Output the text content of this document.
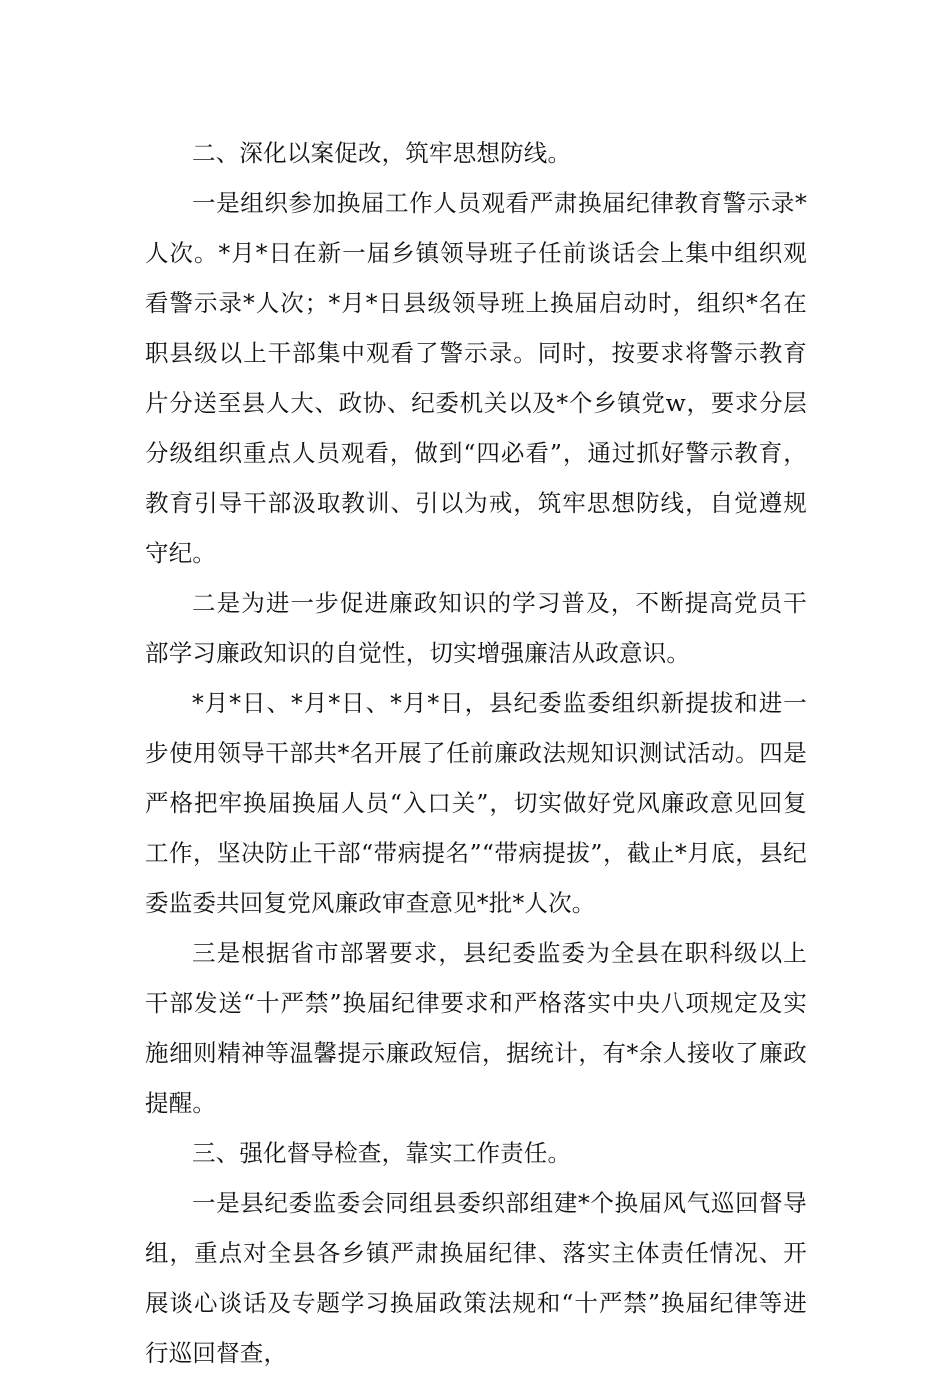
二、深化以案促改，筑牢思想防线。

一是组织参加换届工作人员观看严肃换届纪律教育警示录*人次。*月*日在新一届乡镇领导班子任前谈话会上集中组织观看警示录*人次；*月*日县级领导班上换届启动时，组织*名在职县级以上干部集中观看了警示录。同时，按要求将警示教育片分送至县人大、政协、纪委机关以及*个乡镇党w，要求分层分级组织重点人员观看，做到“四必看”，通过抓好警示教育，教育引导干部汲取教训、引以为戒，筑牢思想防线，自觉遵规守纪。

二是为进一步促进廉政知识的学习普及，不断提高党员干部学习廉政知识的自觉性，切实增强廉洁从政意识。

*月*日、*月*日、*月*日，县纪委监委组织新提拔和进一步使用领导干部共*名开展了任前廉政法规知识测试活动。四是严格把牢换届换届人员“入口关”，切实做好党风廉政意见回复工作，坚决防止干部“带病提名”“带病提拔”，截止*月底，县纪委监委共回复党风廉政审查意见*批*人次。

三是根据省市部署要求，县纪委监委为全县在职科级以上干部发送“十严禁”换届纪律要求和严格落实中央八项规定及实施细则精神等温馨提示廉政短信，据统计，有*余人接收了廉政提醒。

三、强化督导检查，靠实工作责任。

一是县纪委监委会同组县委织部组建*个换届风气巡回督导组，重点对全县各乡镇严肃换届纪律、落实主体责任情况、开展谈心谈话及专题学习换届政策法规和“十严禁”换届纪律等进行巡回督查，
